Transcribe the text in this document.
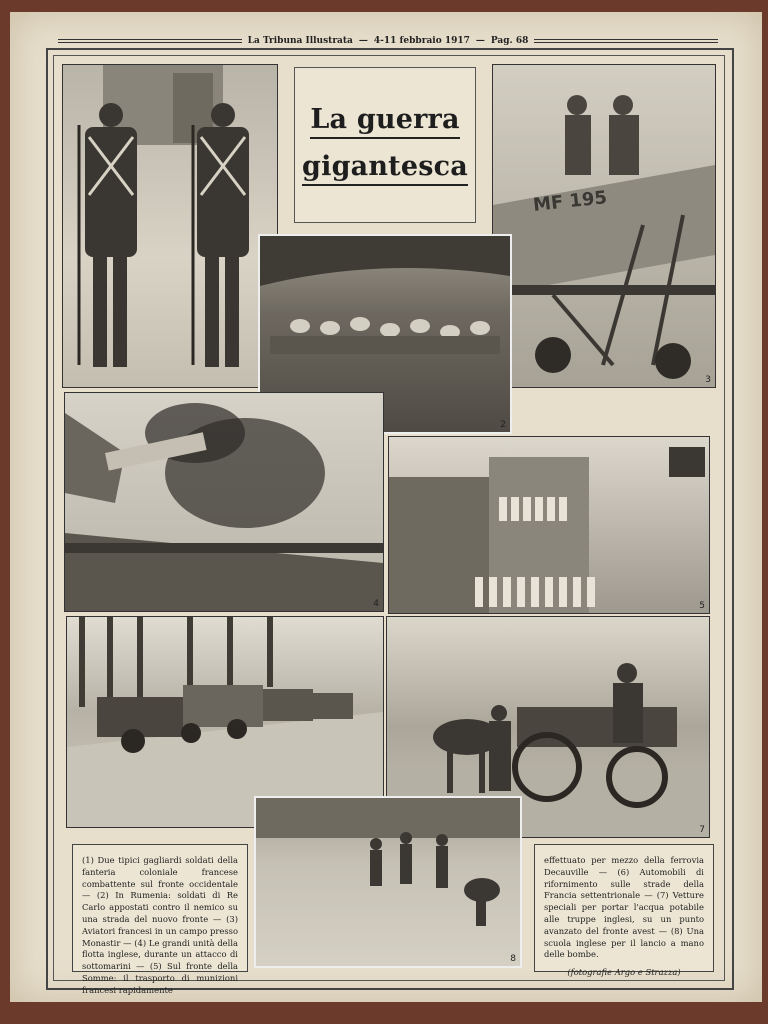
La Tribuna Illustrata — 4-11 febbraio 1917 — Pag. 68
La guerra
gigantesca
MF 195
3
2
4	5
7
8
(1) Due tipici gagliardi soldati della fanteria coloniale francese combattente sul fronte occidentale — (2) In Rumenia: soldati di Re Carlo appostati contro il nemico su una strada del nuovo fronte — (3) Aviatori francesi in un campo presso Monastir — (4) Le grandi unità della flotta inglese, durante un attacco di sottomarini — (5) Sul fronte della Somme: il trasporto di munizioni francesi rapidamente
effettuato per mezzo della ferrovia Decauville — (6) Automobili di rifornimento sulle strade della Francia settentrionale — (7) Vetture speciali per portar l'acqua potabile alle truppe inglesi, su un punto avanzato del fronte avest — (8) Una scuola inglese per il lancio a mano delle bombe.
(fotografie Argo e Strazza)
